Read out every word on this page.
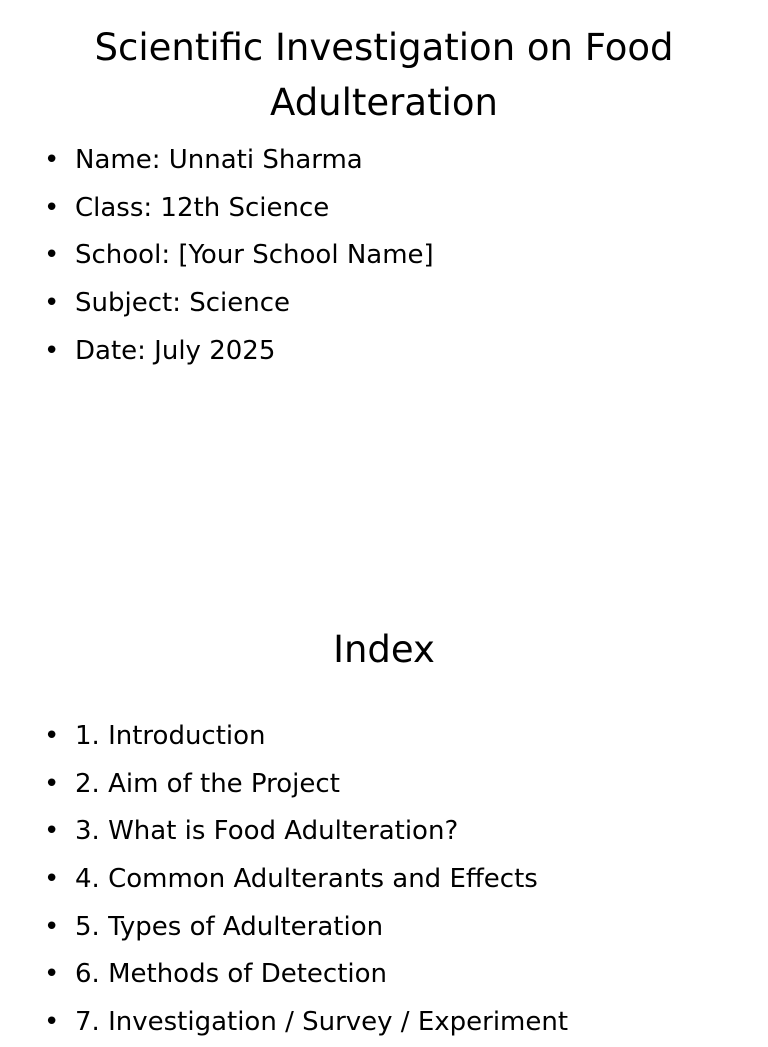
Scientific Investigation on Food Adulteration
• Name: Unnati Sharma
• Class: 12th Science
• School: [Your School Name]
• Subject: Science
• Date: July 2025
Index
• 1. Introduction
• 2. Aim of the Project
• 3. What is Food Adulteration?
• 4. Common Adulterants and Effects
• 5. Types of Adulteration
• 6. Methods of Detection
• 7. Investigation / Survey / Experiment
